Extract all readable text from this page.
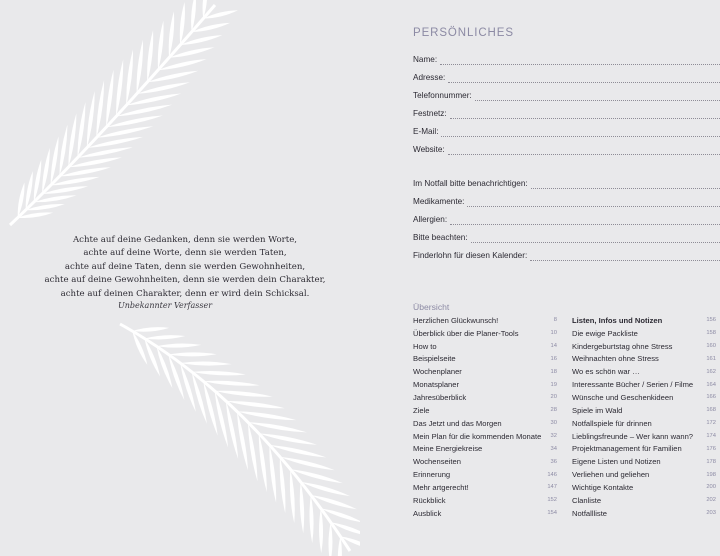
Achte auf deine Gedanken, denn sie werden Worte,
achte auf deine Worte, denn sie werden Taten,
achte auf deine Taten, denn sie werden Gewohnheiten,
achte auf deine Gewohnheiten, denn sie werden dein Charakter,
achte auf deinen Charakter, denn er wird dein Schicksal.
Unbekannter Verfasser
PERSÖNLICHES
Name:
Adresse:
Telefonnummer:
Festnetz:
E-Mail:
Website:
Im Notfall bitte benachrichtigen:
Medikamente:
Allergien:
Bitte beachten:
Finderlohn für diesen Kalender:
Übersicht
Herzlichen Glückwunsch!	8
Überblick über die Planer-Tools	10
How to	14
Beispielseite	16
Wochenplaner	18
Monatsplaner	19
Jahresüberblick	20
Ziele	28
Das Jetzt und das Morgen	30
Mein Plan für die kommenden Monate 32
Meine Energiekreise	34
Wochenseiten	36
Erinnerung	146
Mehr artgerecht!	147
Rückblick	152
Ausblick	154
Listen, Infos und Notizen	156
Die ewige Packliste	158
Kindergeburtstag ohne Stress	160
Weihnachten ohne Stress	161
Wo es schön war …	162
Interessante Bücher / Serien / Filme 164
Wünsche und Geschenkideen	166
Spiele im Wald	168
Notfallspiele für drinnen	172
Lieblingsfreunde – Wer kann wann? 174
Projektmanagement für Familien	176
Eigene Listen und Notizen	178
Verliehen und geliehen	198
Wichtige Kontakte	200
Clanliste	202
Notfallliste	203
